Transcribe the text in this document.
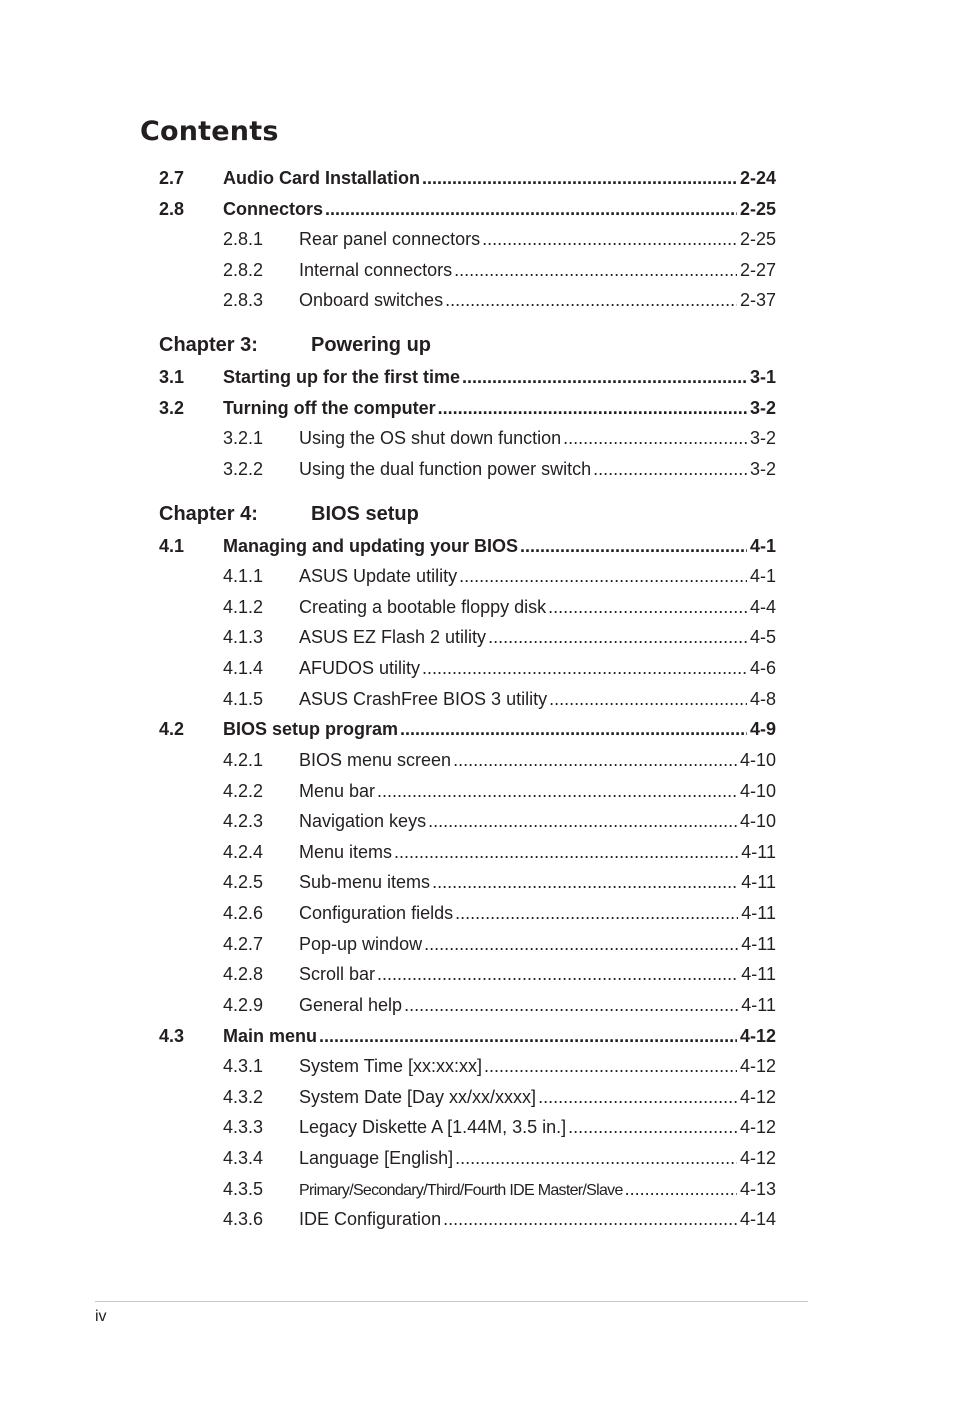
Contents
2.7	Audio Card Installation .....	2-24
2.8	Connectors .....	2-25
2.8.1	Rear panel connectors .....	2-25
2.8.2	Internal connectors .....	2-27
2.8.3	Onboard switches .....	2-37
Chapter 3:	Powering up
3.1	Starting up for the first time .....	3-1
3.2	Turning off the computer .....	3-2
3.2.1	Using the OS shut down function .....	3-2
3.2.2	Using the dual function power switch .....	3-2
Chapter 4:	BIOS setup
4.1	Managing and updating your BIOS .....	4-1
4.1.1	ASUS Update utility .....	4-1
4.1.2	Creating a bootable floppy disk .....	4-4
4.1.3	ASUS EZ Flash 2 utility .....	4-5
4.1.4	AFUDOS utility .....	4-6
4.1.5	ASUS CrashFree BIOS 3 utility .....	4-8
4.2	BIOS setup program .....	4-9
4.2.1	BIOS menu screen .....	4-10
4.2.2	Menu bar .....	4-10
4.2.3	Navigation keys .....	4-10
4.2.4	Menu items .....	4-11
4.2.5	Sub-menu items .....	4-11
4.2.6	Configuration fields .....	4-11
4.2.7	Pop-up window .....	4-11
4.2.8	Scroll bar .....	4-11
4.2.9	General help .....	4-11
4.3	Main menu .....	4-12
4.3.1	System Time [xx:xx:xx] .....	4-12
4.3.2	System Date [Day xx/xx/xxxx] .....	4-12
4.3.3	Legacy Diskette A [1.44M, 3.5 in.] .....	4-12
4.3.4	Language [English] .....	4-12
4.3.5	Primary/Secondary/Third/Fourth IDE Master/Slave .....	4-13
4.3.6	IDE Configuration .....	4-14
iv
